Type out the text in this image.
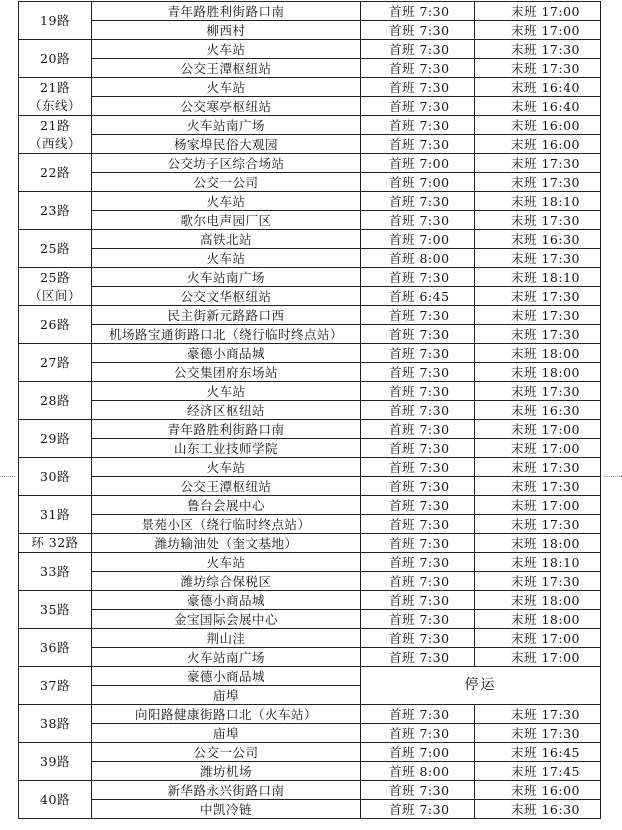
19路	青年路胜利街路口南	首班 7:30	末班 17:00
	柳西村	首班 7:30	末班 17:00
20路	火车站	首班 7:30	末班 17:30
	公交王潭枢纽站	首班 7:30	末班 17:30
21路
（东线）	火车站	首班 7:30	末班 16:40
	公交寒亭枢纽站	首班 7:30	末班 16:40
21路
（西线）	火车站南广场	首班 7:30	末班 16:00
	杨家埠民俗大观园	首班 7:30	末班 16:00
22路	公交坊子区综合场站	首班 7:00	末班 17:30
	公交一公司	首班 7:00	末班 17:30
23路	火车站	首班 7:30	末班 18:10
	歌尔电声园厂区	首班 7:30	末班 17:30
25路	高铁北站	首班 7:00	末班 16:30
	火车站	首班 8:00	末班 17:30
25路
（区间）	火车站南广场	首班 7:30	末班 18:10
	公交文华枢纽站	首班 6:45	末班 17:30
26路	民主街新元路路口西	首班 7:30	末班 17:30
	机场路宝通街路口北（绕行临时终点站）	首班 7:30	末班 17:30
27路	豪德小商品城	首班 7:30	末班 18:00
	公交集团府东场站	首班 7:30	末班 18:00
28路	火车站	首班 7:30	末班 17:30
	经济区枢纽站	首班 7:30	末班 16:30
29路	青年路胜利街路口南	首班 7:30	末班 17:00
	山东工业技师学院	首班 7:30	末班 17:00
30路	火车站	首班 7:30	末班 17:30
	公交王潭枢纽站	首班 7:30	末班 17:30
31路	鲁台会展中心	首班 7:30	末班 17:00
	景苑小区（绕行临时终点站）	首班 7:30	末班 17:30
环 32路	潍坊输油处（奎文基地）	首班 7:30	末班 18:00
33路	火车站	首班 7:30	末班 18:10
	潍坊综合保税区	首班 7:30	末班 17:30
35路	豪德小商品城	首班 7:30	末班 18:00
	金宝国际会展中心	首班 7:30	末班 18:00
36路	荆山洼	首班 7:30	末班 17:00
	火车站南广场	首班 7:30	末班 17:00
37路	豪德小商品城	停运	
	庙埠		
38路	向阳路健康街路口北（火车站）	首班 7:30	末班 17:30
	庙埠	首班 7:30	末班 17:30
39路	公交一公司	首班 7:00	末班 16:45
	潍坊机场	首班 8:00	末班 17:45
40路	新华路永兴街路口南	首班 7:30	末班 16:00
	中凯冷链	首班 7:30	末班 16:30
